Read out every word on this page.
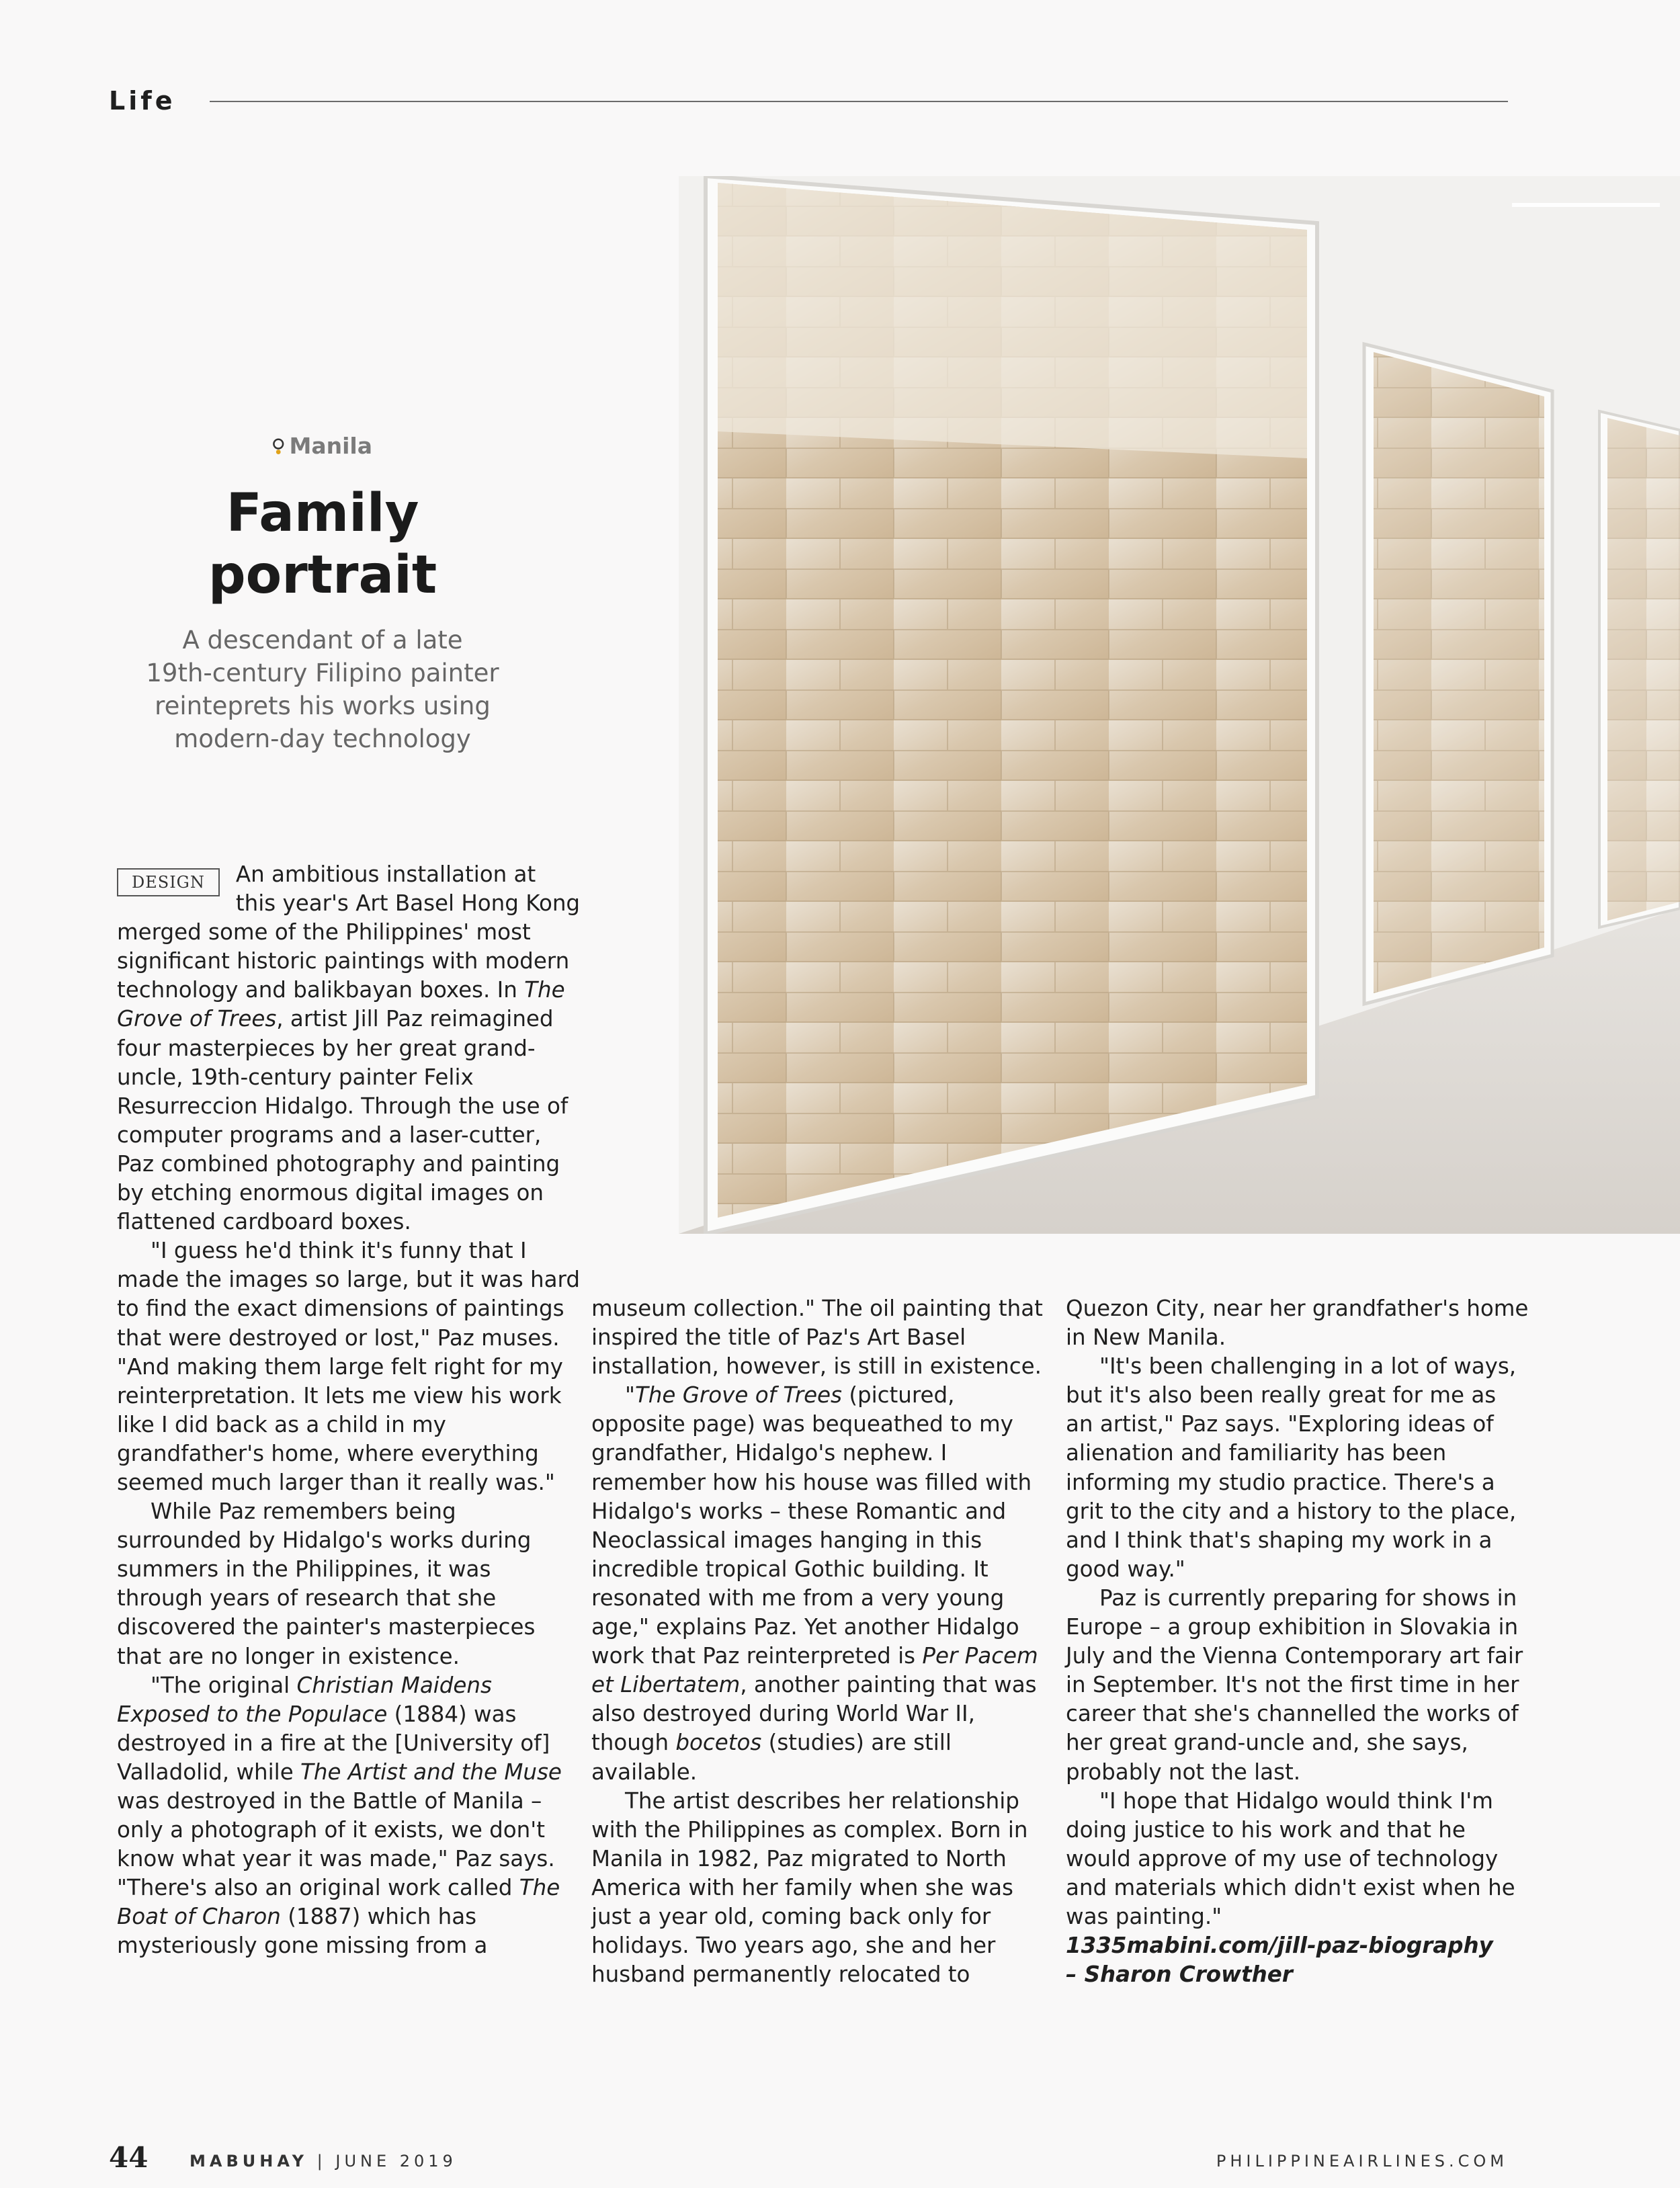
Life
Manila
Family
portrait
A descendant of a late
19th-century Filipino painter
reinteprets his works using
modern-day technology

DESIGN	An ambitious installation at this year's Art Basel Hong Kong merged some of the Philippines' most significant historic paintings with modern technology and balikbayan boxes. In The Grove of Trees, artist Jill Paz reimagined four masterpieces by her great grand-uncle, 19th-century painter Felix Resurreccion Hidalgo. Through the use of computer programs and a laser-cutter, Paz combined photography and painting by etching enormous digital images on flattened cardboard boxes.

"I guess he'd think it's funny that I made the images so large, but it was hard to find the exact dimensions of paintings that were destroyed or lost," Paz muses. "And making them large felt right for my reinterpretation. It lets me view his work like I did back as a child in my grandfather's home, where everything seemed much larger than it really was."

While Paz remembers being surrounded by Hidalgo's works during summers in the Philippines, it was through years of research that she discovered the painter's masterpieces that are no longer in existence.

"The original Christian Maidens Exposed to the Populace (1884) was destroyed in a fire at the [University of] Valladolid, while The Artist and the Muse was destroyed in the Battle of Manila – only a photograph of it exists, we don't know what year it was made," Paz says. "There's also an original work called The Boat of Charon (1887) which has mysteriously gone missing from a

museum collection." The oil painting that inspired the title of Paz's Art Basel installation, however, is still in existence.

"The Grove of Trees (pictured, opposite page) was bequeathed to my grandfather, Hidalgo's nephew. I remember how his house was filled with Hidalgo's works – these Romantic and Neoclassical images hanging in this incredible tropical Gothic building. It resonated with me from a very young age," explains Paz. Yet another Hidalgo work that Paz reinterpreted is Per Pacem et Libertatem, another painting that was also destroyed during World War II, though bocetos (studies) are still available.

The artist describes her relationship with the Philippines as complex. Born in Manila in 1982, Paz migrated to North America with her family when she was just a year old, coming back only for holidays. Two years ago, she and her husband permanently relocated to

Quezon City, near her grandfather's home in New Manila.

"It's been challenging in a lot of ways, but it's also been really great for me as an artist," Paz says. "Exploring ideas of alienation and familiarity has been informing my studio practice. There's a grit to the city and a history to the place, and I think that's shaping my work in a good way."

Paz is currently preparing for shows in Europe – a group exhibition in Slovakia in July and the Vienna Contemporary art fair in September. It's not the first time in her career that she's channelled the works of her great grand-uncle and, she says, probably not the last.

"I hope that Hidalgo would think I'm doing justice to his work and that he would approve of my use of technology and materials which didn't exist when he was painting."

1335mabini.com/jill-paz-biography

– Sharon Crowther

44	MABUHAY | JUNE 2019	PHILIPPINEAIRLINES.COM
